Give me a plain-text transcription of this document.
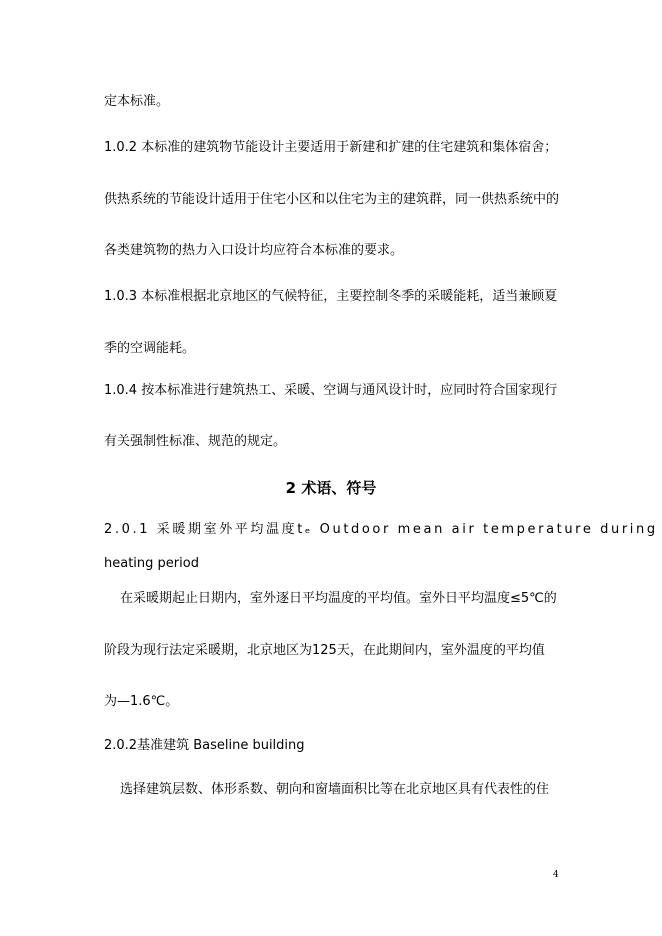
定本标准。
1.0.2 本标准的建筑物节能设计主要适用于新建和扩建的住宅建筑和集体宿舍；
供热系统的节能设计适用于住宅小区和以住宅为主的建筑群，同一供热系统中的
各类建筑物的热力入口设计均应符合本标准的要求。
1.0.3 本标准根据北京地区的气候特征，主要控制冬季的采暖能耗，适当兼顾夏
季的空调能耗。
1.0.4 按本标准进行建筑热工、采暖、空调与通风设计时，应同时符合国家现行
有关强制性标准、规范的规定。
2 术语、符号
2.0.1 采暖期室外平均温度tₑ Outdoor mean air temperature during
heating period
在采暖期起止日期内，室外逐日平均温度的平均值。室外日平均温度≤5℃的
阶段为现行法定采暖期，北京地区为125天，在此期间内，室外温度的平均值
为—1.6℃。
2.0.2基准建筑 Baseline building
选择建筑层数、体形系数、朝向和窗墙面积比等在北京地区具有代表性的住
4
